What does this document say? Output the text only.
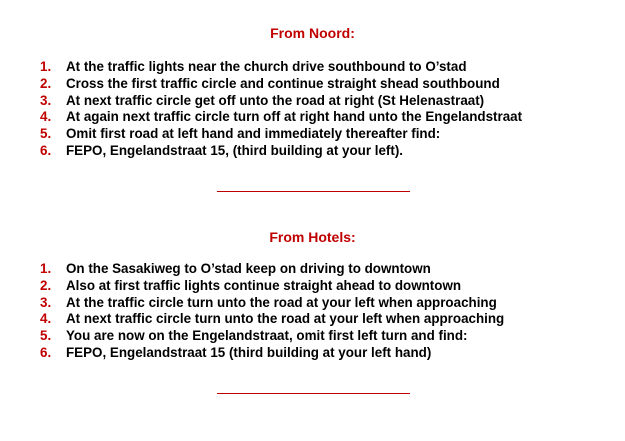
From Noord:
1. At the traffic lights near the church drive southbound to O’stad
2. Cross the first traffic circle and continue straight shead southbound
3. At next traffic circle get off unto the road at right (St Helenastraat)
4. At again next traffic circle turn off at right hand unto the Engelandstraat
5. Omit first road at left hand and immediately thereafter find:
6. FEPO, Engelandstraat 15, (third building at your left).
From Hotels:
1. On the Sasakiweg to O’stad keep on driving to downtown
2. Also at first traffic lights continue straight ahead to downtown
3. At the traffic circle turn unto the road at your left when approaching
4. At next traffic circle turn unto the road at your left when approaching
5. You are now on the Engelandstraat, omit first left turn and find:
6. FEPO, Engelandstraat 15 (third building at your left hand)
